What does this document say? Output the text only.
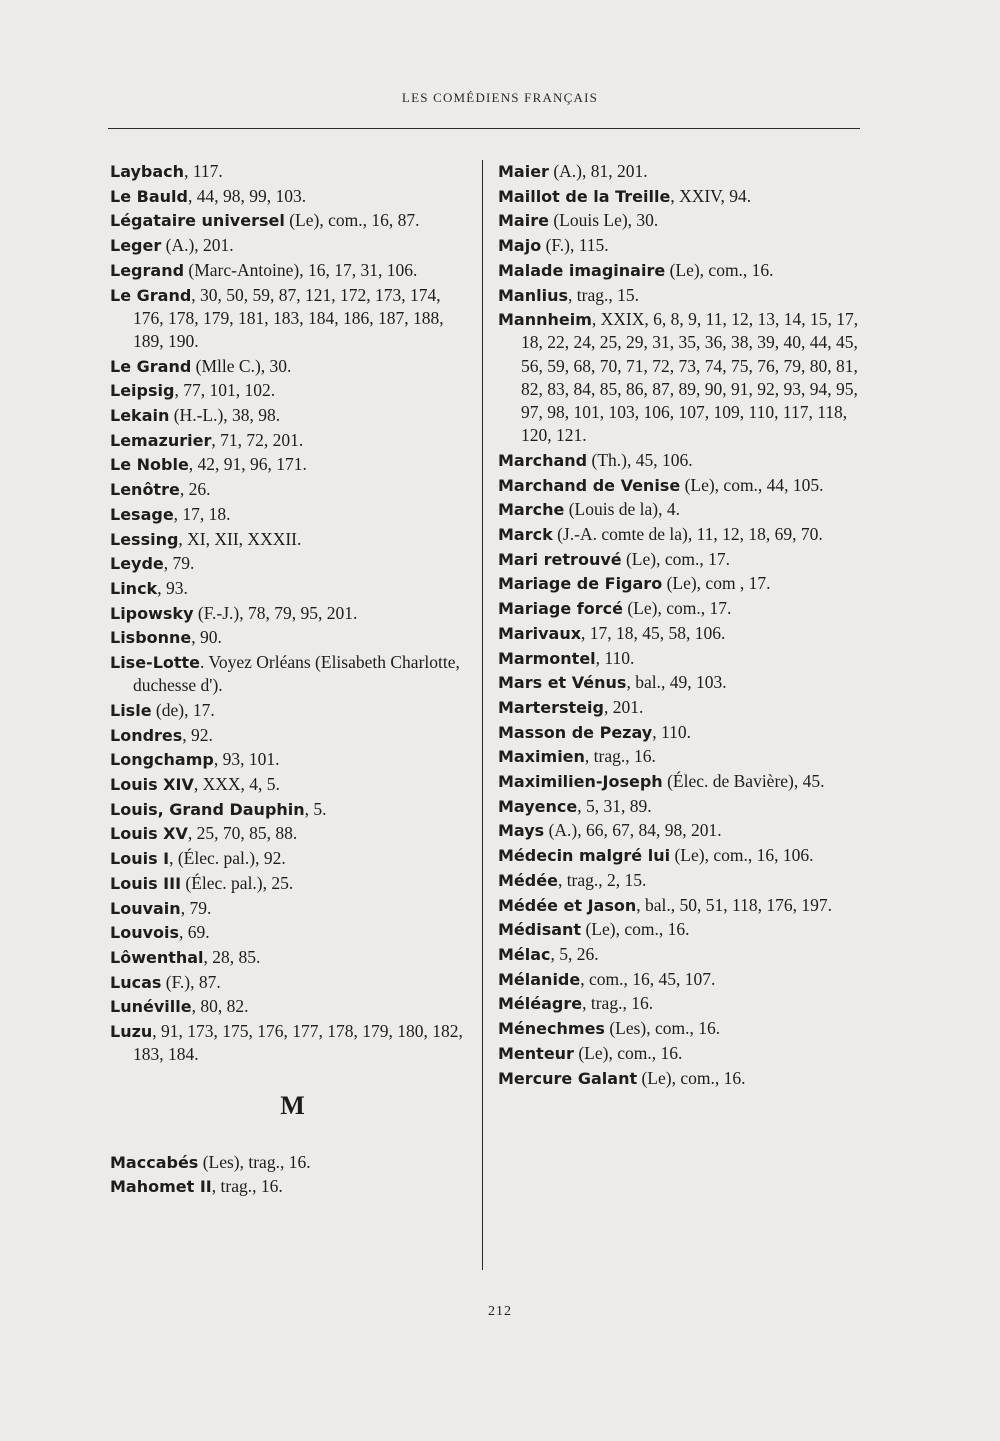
LES COMÉDIENS FRANÇAIS
Laybach, 117.
Le Bauld, 44, 98, 99, 103.
Légataire universel (Le), com., 16, 87.
Leger (A.), 201.
Legrand (Marc-Antoine), 16, 17, 31, 106.
Le Grand, 30, 50, 59, 87, 121, 172, 173, 174, 176, 178, 179, 181, 183, 184, 186, 187, 188, 189, 190.
Le Grand (Mlle C.), 30.
Leipsig, 77, 101, 102.
Lekain (H.-L.), 38, 98.
Lemazurier, 71, 72, 201.
Le Noble, 42, 91, 96, 171.
Lenôtre, 26.
Lesage, 17, 18.
Lessing, XI, XII, XXXII.
Leyde, 79.
Linck, 93.
Lipowsky (F.-J.), 78, 79, 95, 201.
Lisbonne, 90.
Lise-Lotte. Voyez Orléans (Elisabeth Charlotte, duchesse d').
Lisle (de), 17.
Londres, 92.
Longchamp, 93, 101.
Louis XIV, XXX, 4, 5.
Louis, Grand Dauphin, 5.
Louis XV, 25, 70, 85, 88.
Louis I, (Élec. pal.), 92.
Louis III (Élec. pal.), 25.
Louvain, 79.
Louvois, 69.
Lôwenthal, 28, 85.
Lucas (F.), 87.
Lunéville, 80, 82.
Luzu, 91, 173, 175, 176, 177, 178, 179, 180, 182, 183, 184.
M
Maccabés (Les), trag., 16.
Mahomet II, trag., 16.
Maier (A.), 81, 201.
Maillot de la Treille, XXIV, 94.
Maire (Louis Le), 30.
Majo (F.), 115.
Malade imaginaire (Le), com., 16.
Manlius, trag., 15.
Mannheim, XXIX, 6, 8, 9, 11, 12, 13, 14, 15, 17, 18, 22, 24, 25, 29, 31, 35, 36, 38, 39, 40, 44, 45, 56, 59, 68, 70, 71, 72, 73, 74, 75, 76, 79, 80, 81, 82, 83, 84, 85, 86, 87, 89, 90, 91, 92, 93, 94, 95, 97, 98, 101, 103, 106, 107, 109, 110, 117, 118, 120, 121.
Marchand (Th.), 45, 106.
Marchand de Venise (Le), com., 44, 105.
Marche (Louis de la), 4.
Marck (J.-A. comte de la), 11, 12, 18, 69, 70.
Mari retrouvé (Le), com., 17.
Mariage de Figaro (Le), com , 17.
Mariage forcé (Le), com., 17.
Marivaux, 17, 18, 45, 58, 106.
Marmontel, 110.
Mars et Vénus, bal., 49, 103.
Martersteig, 201.
Masson de Pezay, 110.
Maximien, trag., 16.
Maximilien-Joseph (Élec. de Bavière), 45.
Mayence, 5, 31, 89.
Mays (A.), 66, 67, 84, 98, 201.
Médecin malgré lui (Le), com., 16, 106.
Médée, trag., 2, 15.
Médée et Jason, bal., 50, 51, 118, 176, 197.
Médisant (Le), com., 16.
Mélac, 5, 26.
Mélanide, com., 16, 45, 107.
Méléagre, trag., 16.
Ménechmes (Les), com., 16.
Menteur (Le), com., 16.
Mercure Galant (Le), com., 16.
212
